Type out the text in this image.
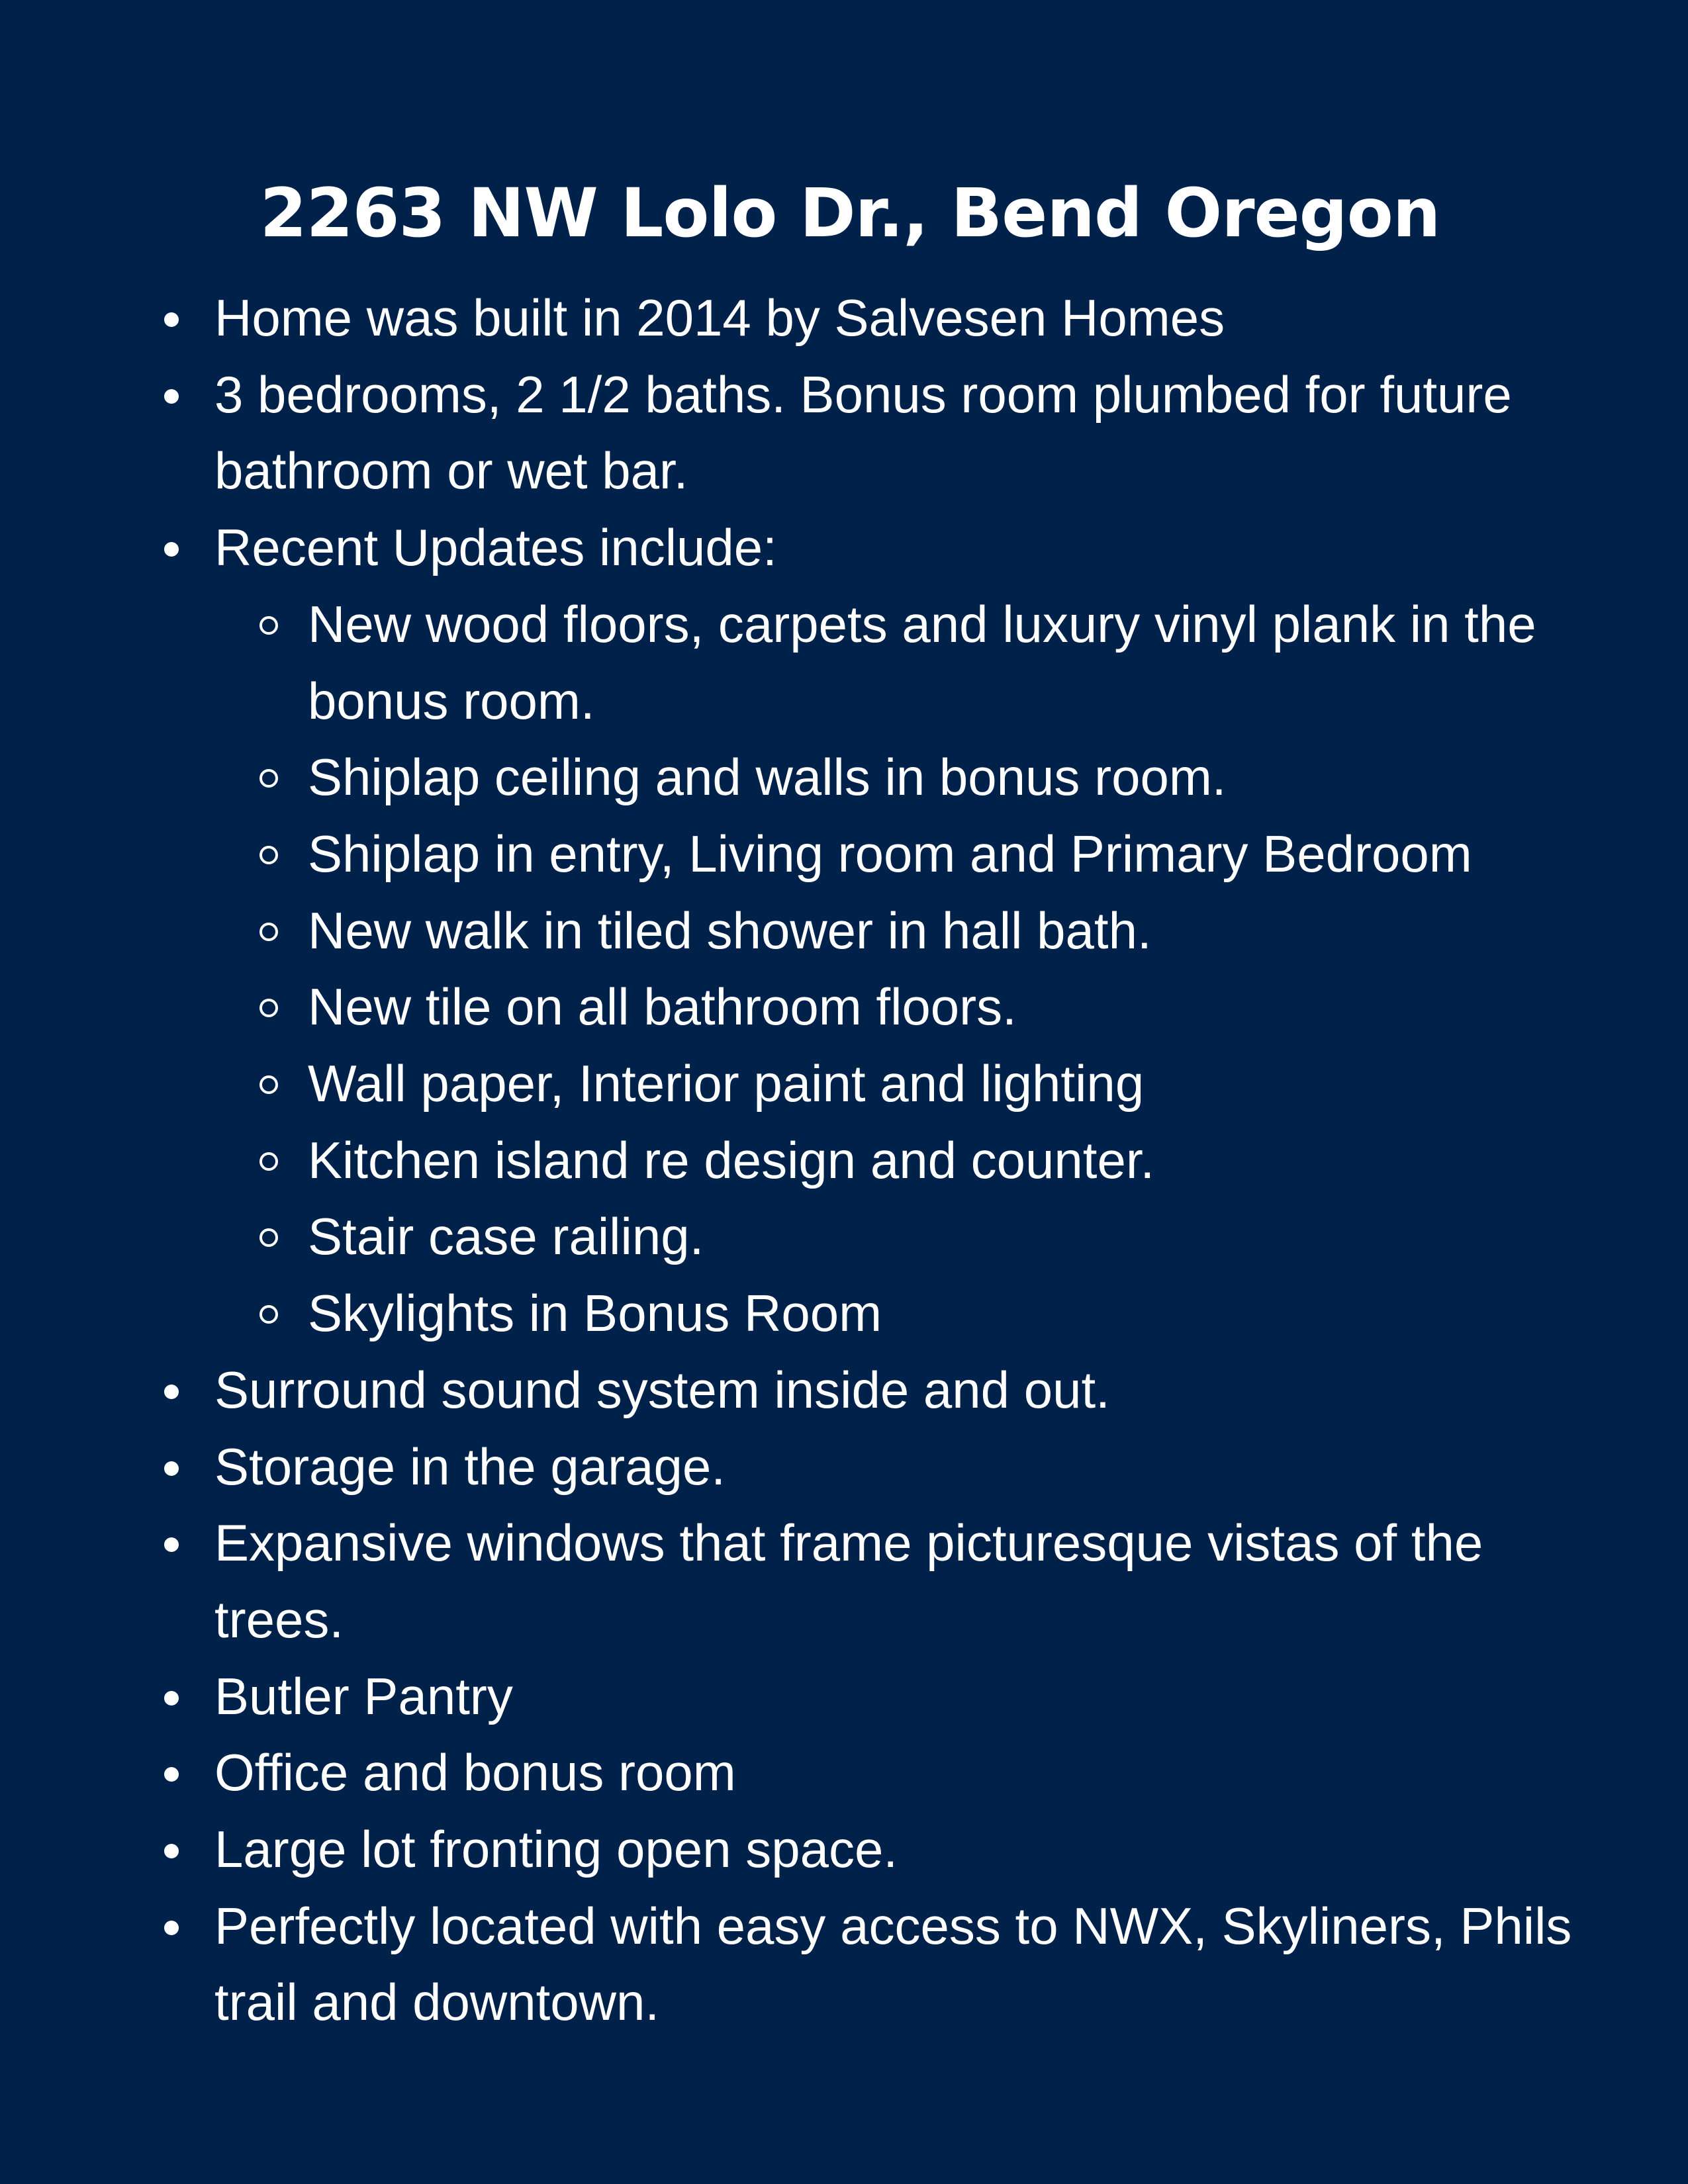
2263 NW Lolo Dr., Bend Oregon
Home was built in 2014 by Salvesen Homes
3 bedrooms, 2 1/2 baths. Bonus room plumbed for future bathroom or wet bar.
Recent Updates include:
New wood floors, carpets and luxury vinyl plank in the bonus room.
Shiplap ceiling and walls in bonus room.
Shiplap in entry, Living room and Primary Bedroom
New walk in tiled shower in hall bath.
New tile on all bathroom floors.
Wall paper, Interior paint and lighting
Kitchen island re design and counter.
Stair case railing.
Skylights in Bonus Room
Surround sound system inside and out.
Storage in the garage.
Expansive windows that frame picturesque vistas of the trees.
Butler Pantry
Office and bonus room
Large lot fronting open space.
Perfectly located with easy access to NWX, Skyliners, Phils trail and downtown.
